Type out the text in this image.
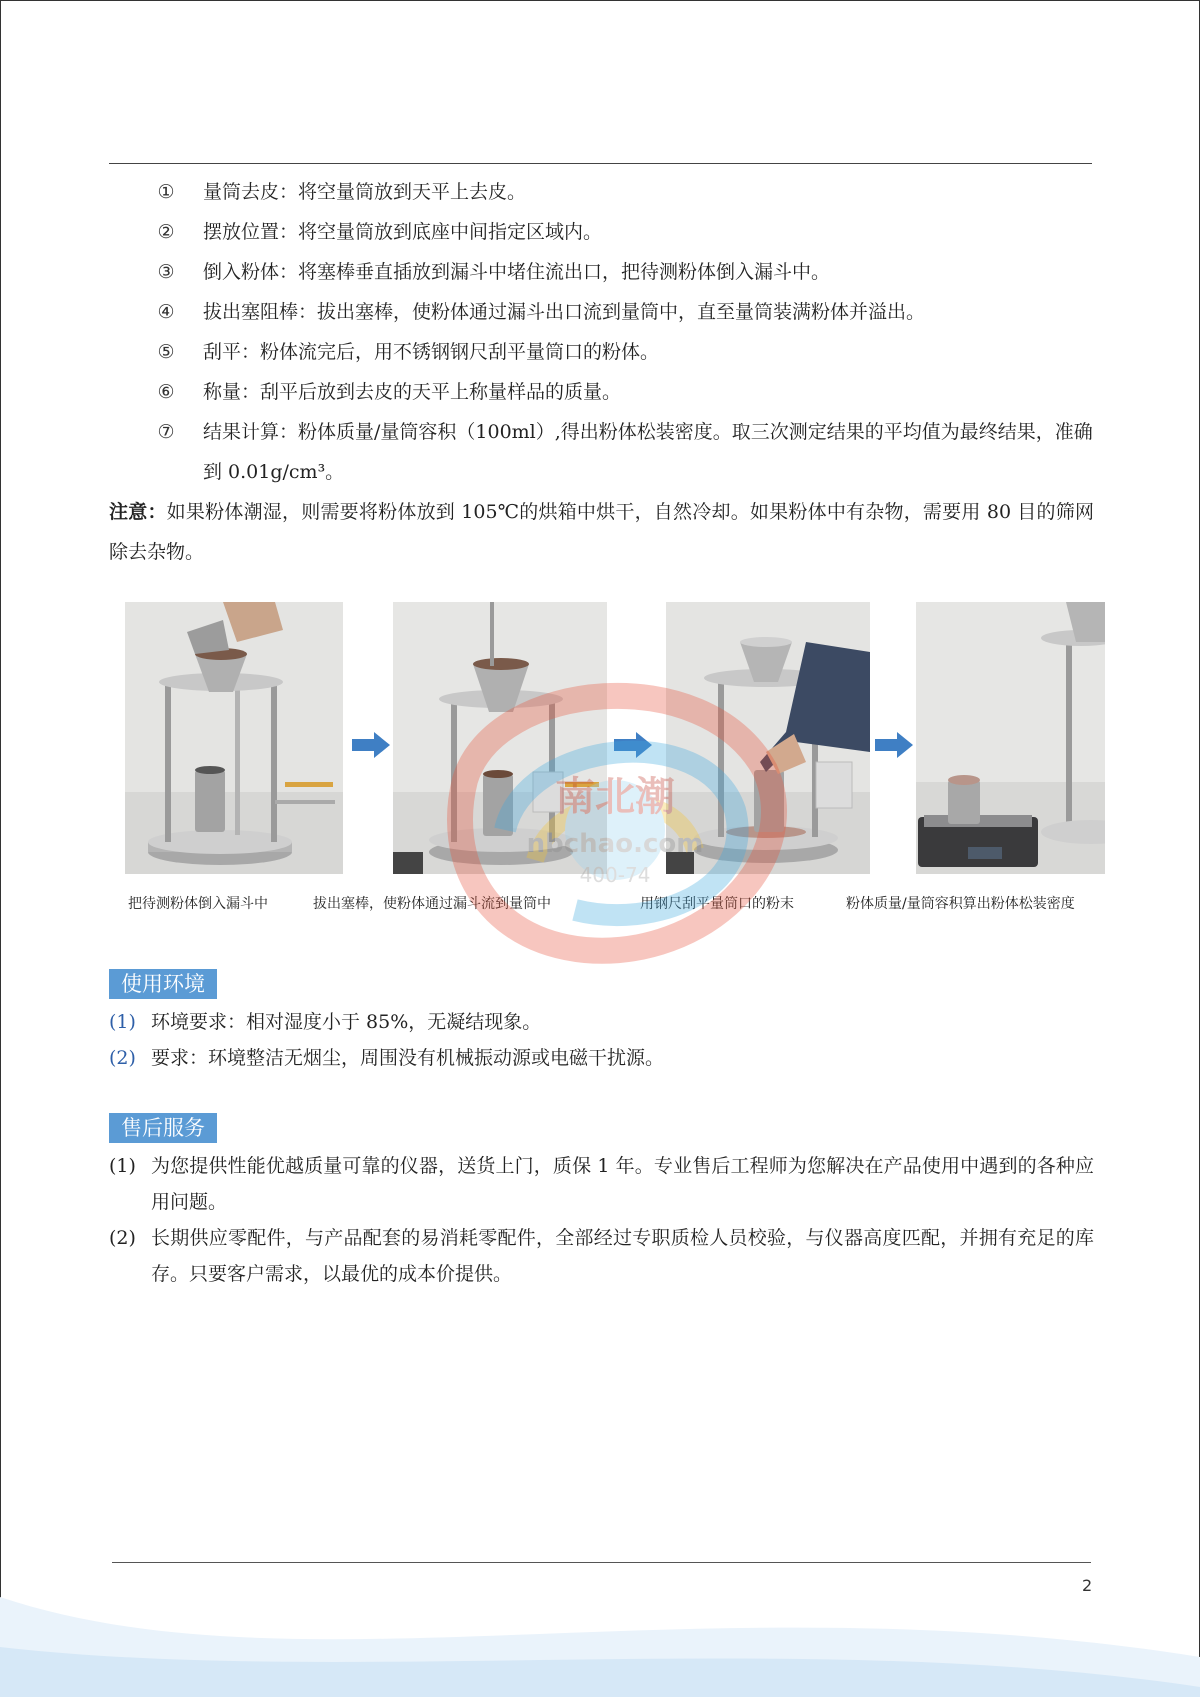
①	量筒去皮：将空量筒放到天平上去皮。
②	摆放位置：将空量筒放到底座中间指定区域内。
③	倒入粉体：将塞棒垂直插放到漏斗中堵住流出口，把待测粉体倒入漏斗中。
④	拔出塞阻棒：拔出塞棒，使粉体通过漏斗出口流到量筒中，直至量筒装满粉体并溢出。
⑤	刮平：粉体流完后，用不锈钢钢尺刮平量筒口的粉体。
⑥	称量：刮平后放到去皮的天平上称量样品的质量。
⑦	结果计算：粉体质量/量筒容积（100ml）,得出粉体松装密度。取三次测定结果的平均值为最终结果，准确到 0.01g/cm³。
注意：如果粉体潮湿，则需要将粉体放到 105℃的烘箱中烘干，自然冷却。如果粉体中有杂物，需要用 80 目的筛网除去杂物。
把待测粉体倒入漏斗中	拔出塞棒，使粉体通过漏斗流到量筒中	用钢尺刮平量筒口的粉末	粉体质量/量筒容积算出粉体松装密度
南北潮
nbchao.com
400-74
使用环境
(1) 环境要求：相对湿度小于 85%，无凝结现象。
(2) 要求：环境整洁无烟尘，周围没有机械振动源或电磁干扰源。
售后服务
(1) 为您提供性能优越质量可靠的仪器，送货上门，质保 1 年。专业售后工程师为您解决在产品使用中遇到的各种应用问题。
(2) 长期供应零配件，与产品配套的易消耗零配件，全部经过专职质检人员校验，与仪器高度匹配，并拥有充足的库存。只要客户需求，以最优的成本价提供。
2
